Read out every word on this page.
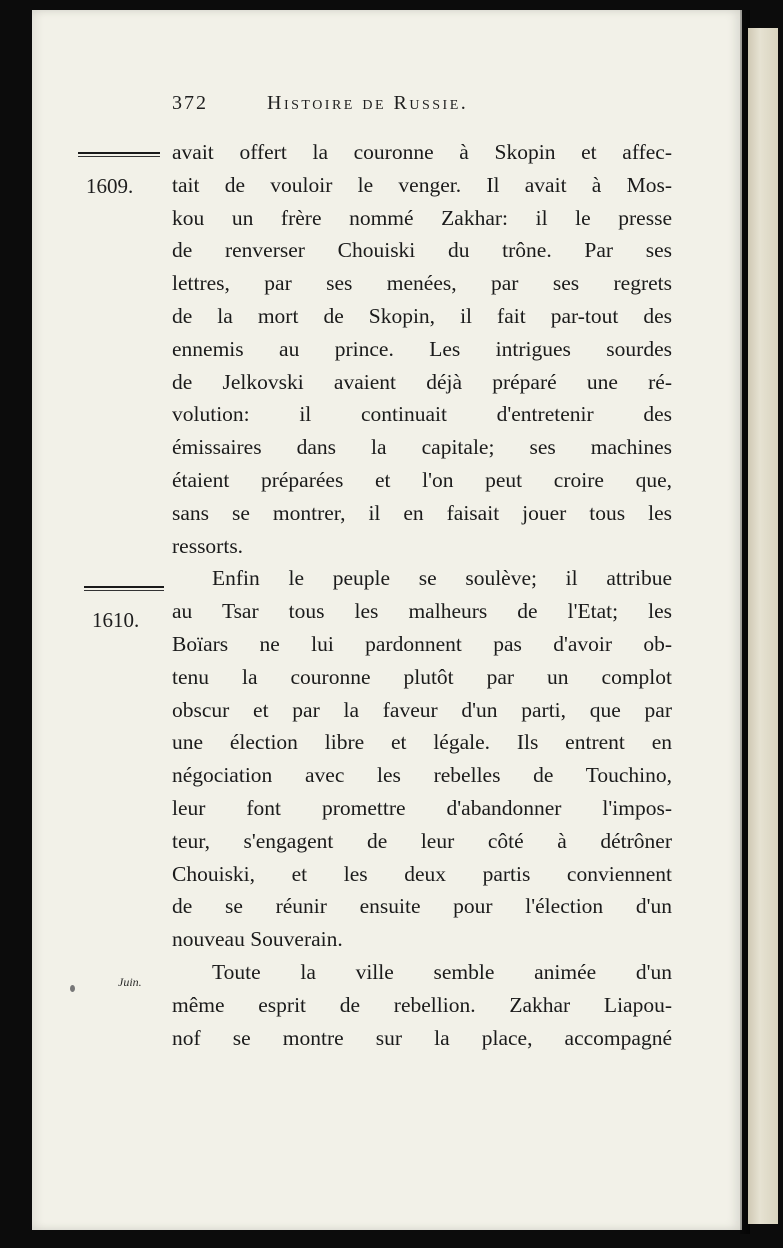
372	Histoire de Russie.
1609.
1610.
Juin.
avait offert la couronne à Skopin et affec-
tait de vouloir le venger. Il avait à Mos-
kou un frère nommé Zakhar: il le presse
de renverser Chouiski du trône. Par ses
lettres, par ses menées, par ses regrets
de la mort de Skopin, il fait par-tout des
ennemis au prince. Les intrigues sourdes
de Jelkovski avaient déjà préparé une ré-
volution: il continuait d'entretenir des
émissaires dans la capitale; ses machines
étaient préparées et l'on peut croire que,
sans se montrer, il en faisait jouer tous les
ressorts.
Enfin le peuple se soulève; il attribue
au Tsar tous les malheurs de l'Etat; les
Boïars ne lui pardonnent pas d'avoir ob-
tenu la couronne plutôt par un complot
obscur et par la faveur d'un parti, que par
une élection libre et légale. Ils entrent en
négociation avec les rebelles de Touchino,
leur font promettre d'abandonner l'impos-
teur, s'engagent de leur côté à détrôner
Chouiski, et les deux partis conviennent
de se réunir ensuite pour l'élection d'un
nouveau Souverain.
Toute la ville semble animée d'un
même esprit de rebellion. Zakhar Liapou-
nof se montre sur la place, accompagné
